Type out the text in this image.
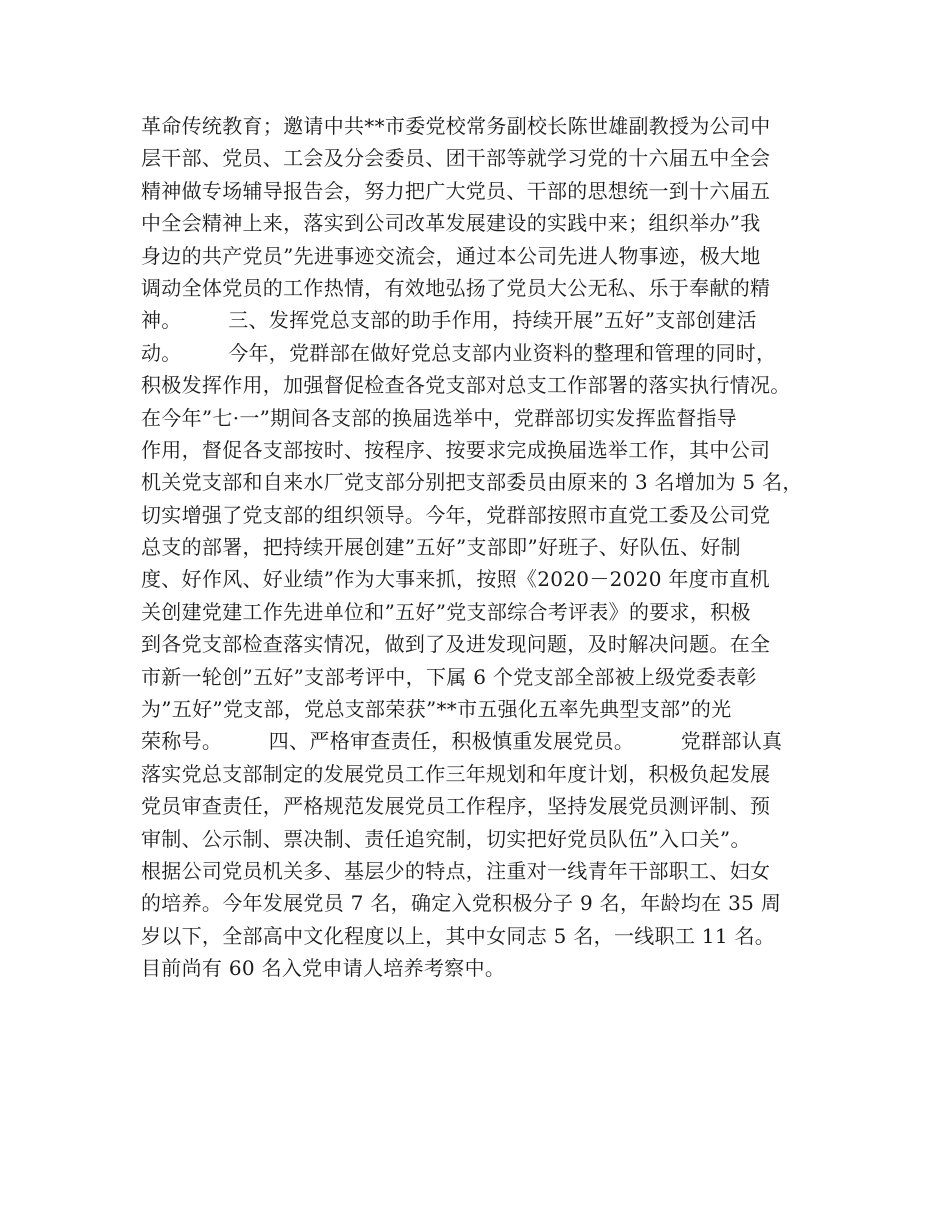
革命传统教育；邀请中共**市委党校常务副校长陈世雄副教授为公司中
层干部、党员、工会及分会委员、团干部等就学习党的十六届五中全会
精神做专场辅导报告会，努力把广大党员、干部的思想统一到十六届五
中全会精神上来，落实到公司改革发展建设的实践中来；组织举办”我
身边的共产党员”先进事迹交流会，通过本公司先进人物事迹，极大地
调动全体党员的工作热情，有效地弘扬了党员大公无私、乐于奉献的精
神。       三、发挥党总支部的助手作用，持续开展”五好”支部创建活
动。       今年，党群部在做好党总支部内业资料的整理和管理的同时，
积极发挥作用，加强督促检查各党支部对总支工作部署的落实执行情况。
在今年”七·一”期间各支部的换届选举中，党群部切实发挥监督指导
作用，督促各支部按时、按程序、按要求完成换届选举工作，其中公司
机关党支部和自来水厂党支部分别把支部委员由原来的 3 名增加为 5 名，
切实增强了党支部的组织领导。今年，党群部按照市直党工委及公司党
总支的部署，把持续开展创建”五好”支部即”好班子、好队伍、好制
度、好作风、好业绩”作为大事来抓，按照《2020－2020 年度市直机
关创建党建工作先进单位和”五好”党支部综合考评表》的要求，积极
到各党支部检查落实情况，做到了及进发现问题，及时解决问题。在全
市新一轮创”五好”支部考评中，下属 6 个党支部全部被上级党委表彰
为”五好”党支部，党总支部荣获”**市五强化五率先典型支部”的光
荣称号。       四、严格审查责任，积极慎重发展党员。       党群部认真
落实党总支部制定的发展党员工作三年规划和年度计划，积极负起发展
党员审查责任，严格规范发展党员工作程序，坚持发展党员测评制、预
审制、公示制、票决制、责任追究制，切实把好党员队伍”入口关”。
根据公司党员机关多、基层少的特点，注重对一线青年干部职工、妇女
的培养。今年发展党员 7 名，确定入党积极分子 9 名，年龄均在 35 周
岁以下，全部高中文化程度以上，其中女同志 5 名，一线职工 11 名。
目前尚有 60 名入党申请人培养考察中。
